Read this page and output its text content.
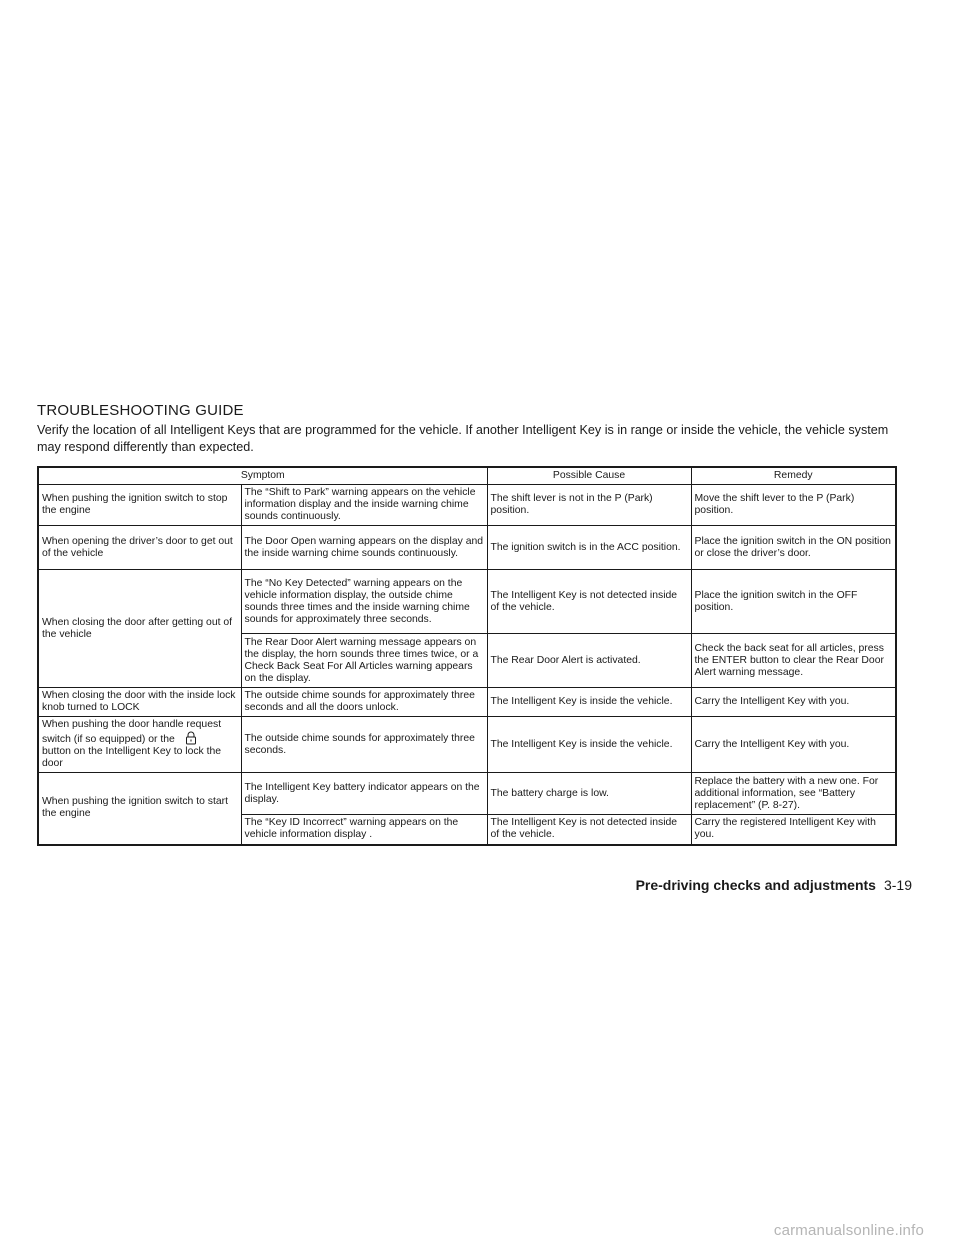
TROUBLESHOOTING GUIDE

Verify the location of all Intelligent Keys that are programmed for the vehicle. If another Intelligent Key is in range or inside the vehicle, the vehicle system may respond differently than expected.

Symptom		Possible Cause	Remedy
When pushing the ignition switch to stop the engine	The “Shift to Park” warning appears on the vehicle information display and the inside warning chime sounds continuously.	The shift lever is not in the P (Park) position.	Move the shift lever to the P (Park) position.
When opening the driver’s door to get out of the vehicle	The Door Open warning appears on the display and the inside warning chime sounds continuously.	The ignition switch is in the ACC position.	Place the ignition switch in the ON position or close the driver’s door.
When closing the door after getting out of the vehicle	The “No Key Detected” warning appears on the vehicle information display, the outside chime sounds three times and the inside warning chime sounds for approximately three seconds.	The Intelligent Key is not detected inside of the vehicle.	Place the ignition switch in the OFF position.
	The Rear Door Alert warning message appears on the display, the horn sounds three times twice, or a Check Back Seat For All Articles warning appears on the display.	The Rear Door Alert is activated.	Check the back seat for all articles, press the ENTER button to clear the Rear Door Alert warning message.
When closing the door with the inside lock knob turned to LOCK	The outside chime sounds for approximately three seconds and all the doors unlock.	The Intelligent Key is inside the vehicle.	Carry the Intelligent Key with you.
When pushing the door handle request switch (if so equipped) or thebutton on the Intelligent Key to lock the door	The outside chime sounds for approximately three seconds.	The Intelligent Key is inside the vehicle.	Carry the Intelligent Key with you.
When pushing the ignition switch to start the engine	The Intelligent Key battery indicator appears on the display.	The battery charge is low.	Replace the battery with a new one. For additional information, see “Battery replacement” (P. 8-27).
	The “Key ID Incorrect” warning appears on the vehicle information display .	The Intelligent Key is not detected inside of the vehicle.	Carry the registered Intelligent Key with you.
Pre-driving checks and adjustments 3-19
carmanualsonline.info
